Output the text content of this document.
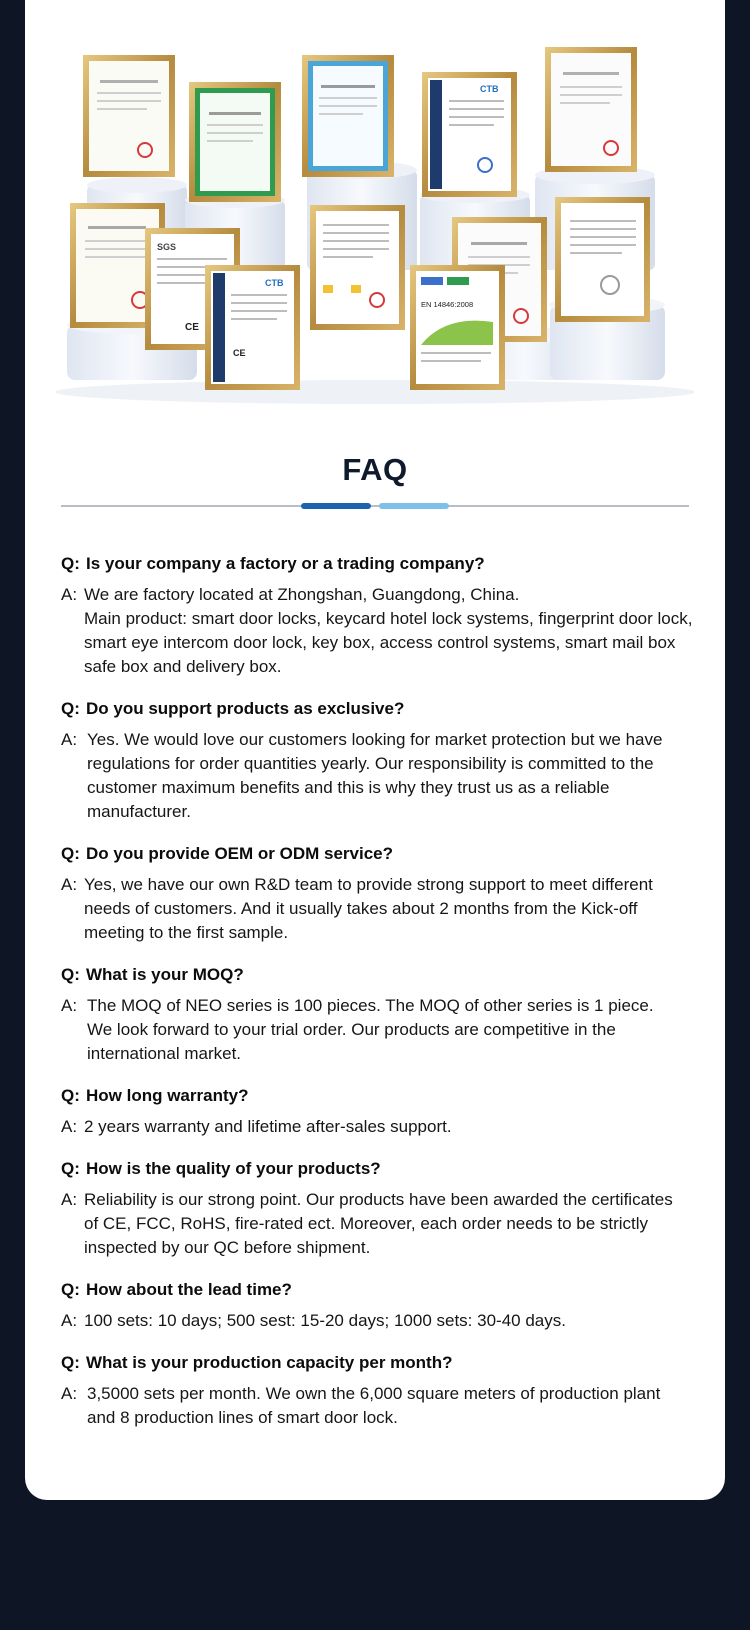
CTB
SGS
CE
CTB
CE
EN 14846:2008
FAQ
Q: Is your company a factory or a trading company?
A: We are factory located at Zhongshan, Guangdong, China.

Main product: smart door locks, keycard hotel lock systems, fingerprint door lock,

smart eye intercom door lock, key box, access control systems, smart mail box

safe box and delivery box.

Q: Do you support products as exclusive?
A: Yes. We would love our customers looking for market protection but we have

regulations for order quantities yearly. Our responsibility is committed to the

customer maximum benefits and this is why they trust us as a reliable

manufacturer.

Q: Do you provide OEM or ODM service?
A: Yes, we have our own R&D team to provide strong support to meet different

needs of customers. And it usually takes about 2 months from the Kick-off

meeting to the first sample.

Q: What is your MOQ?
A: The MOQ of NEO series is 100 pieces. The MOQ of other series is 1 piece.

We look forward to your trial order. Our products are competitive in the

international market.

Q: How long warranty?
A: 2 years warranty and lifetime after-sales support.

Q: How is the quality of your products?
A: Reliability is our strong point. Our products have been awarded the certificates

of CE, FCC, RoHS, fire-rated ect. Moreover, each order needs to be strictly

inspected by our QC before shipment.

Q: How about the lead time?
A: 100 sets: 10 days; 500 sest: 15-20 days; 1000 sets: 30-40 days.

Q: What is your production capacity per month?
A: 3,5000 sets per month. We own the 6,000 square meters of production plant

and 8 production lines of smart door lock.
